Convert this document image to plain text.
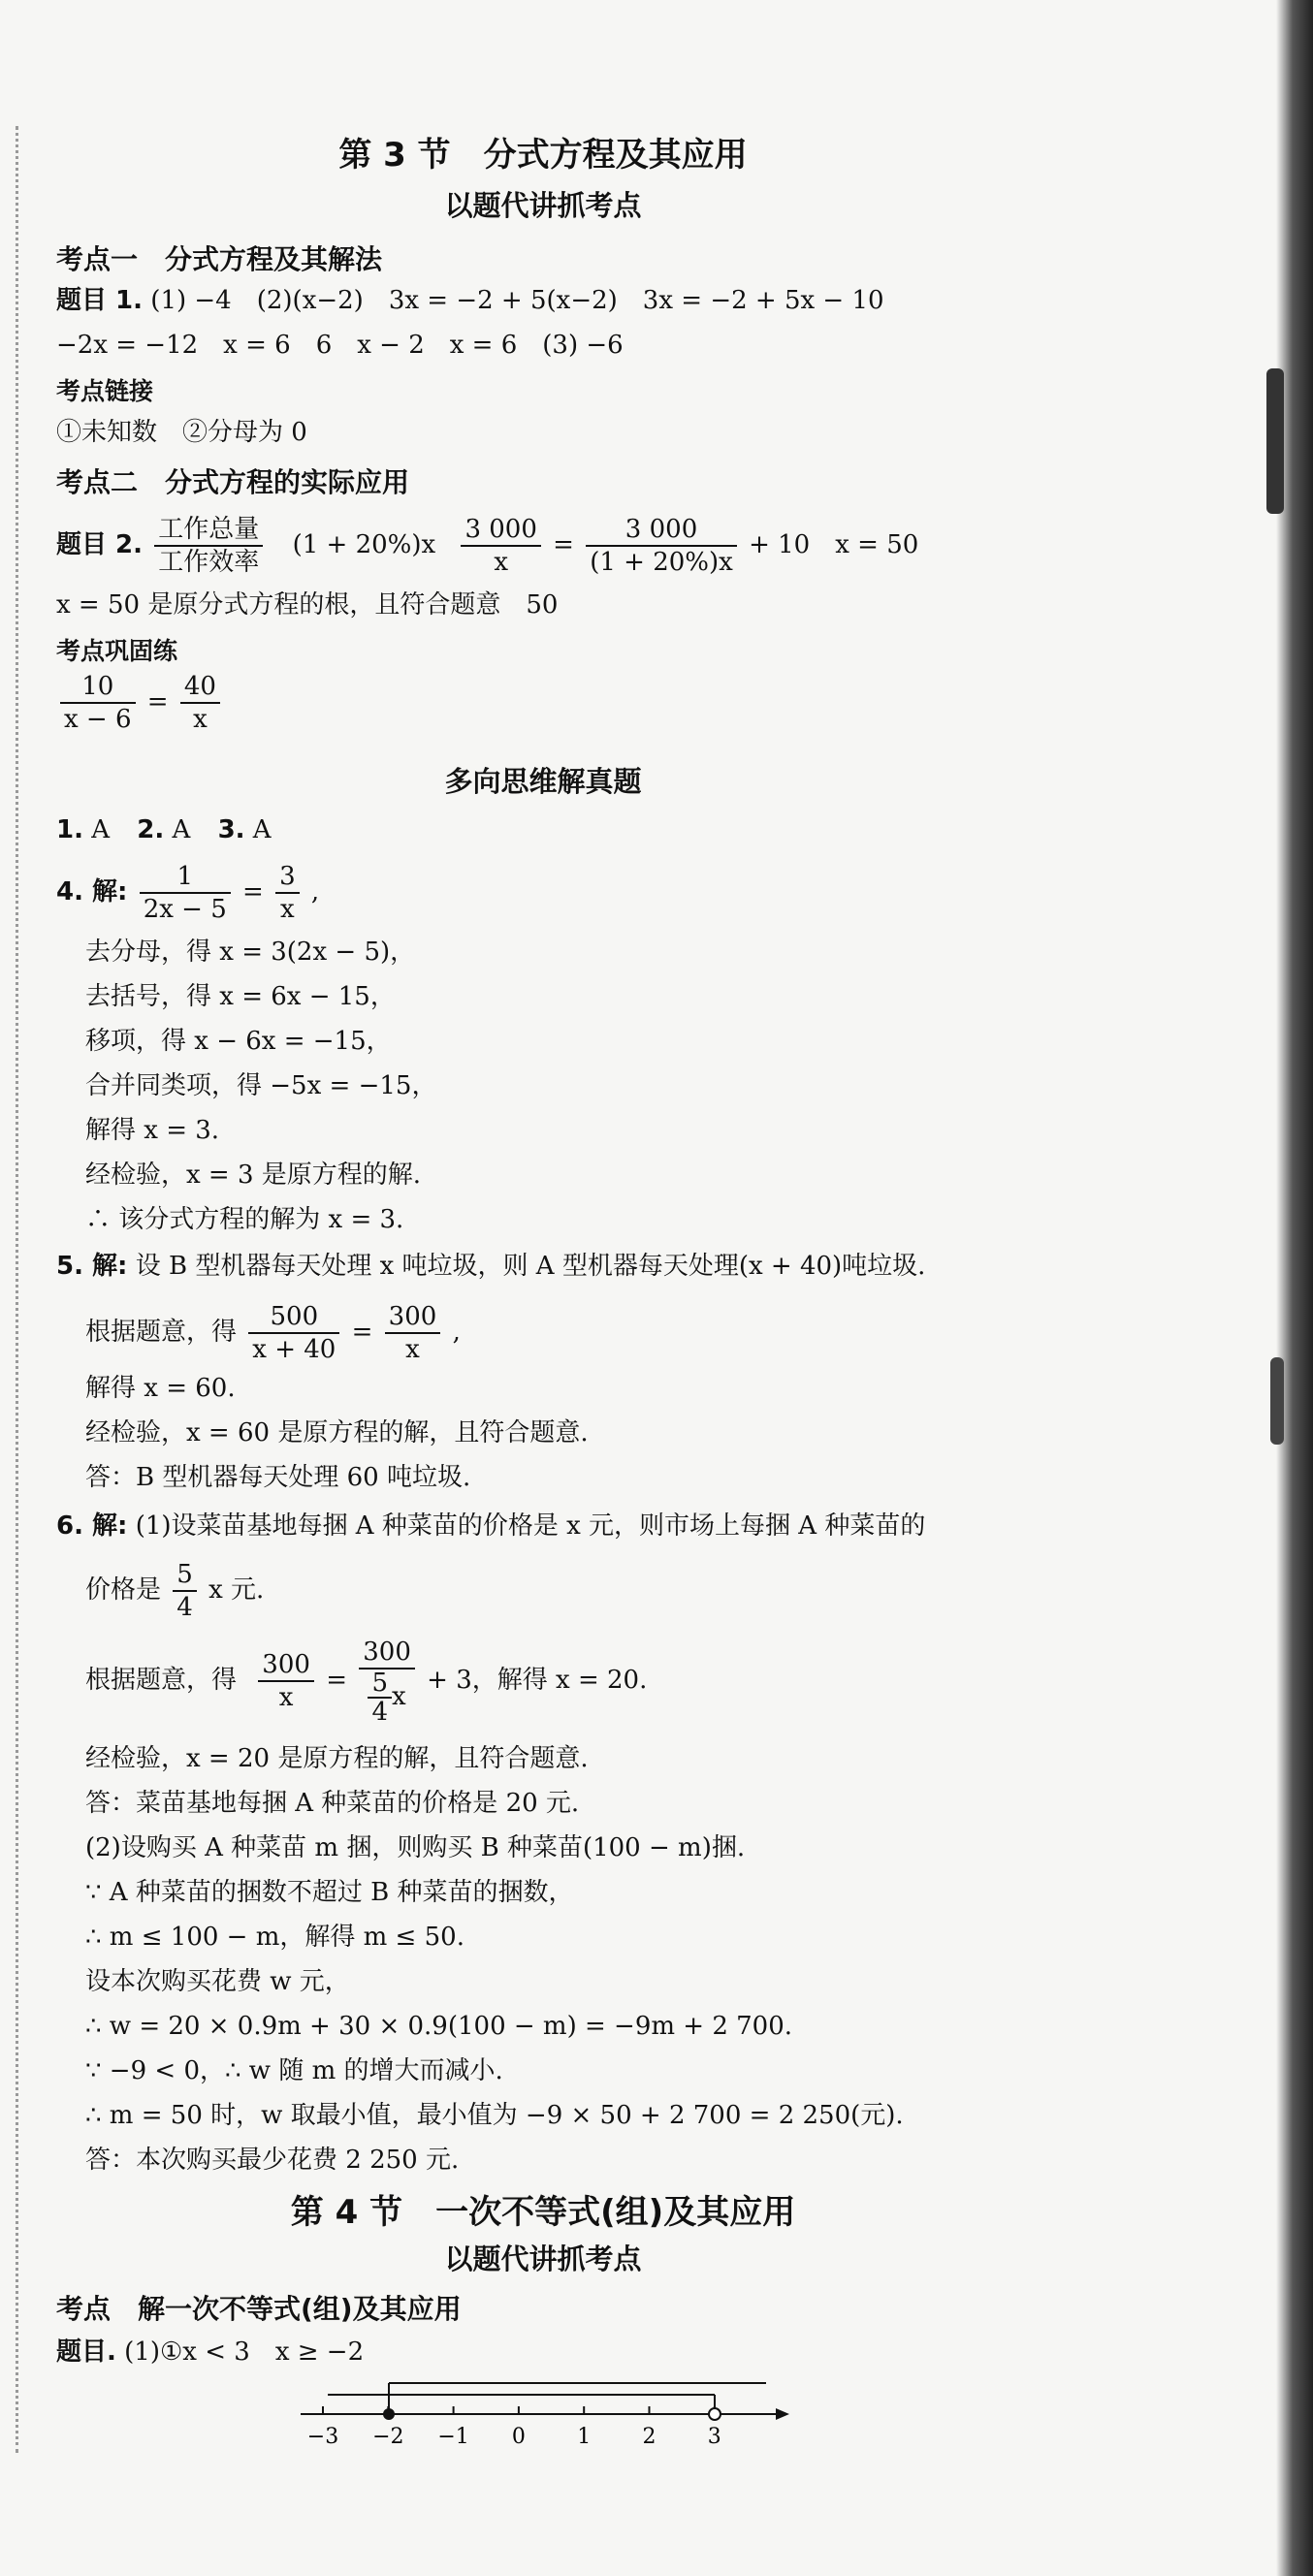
第 3 节　分式方程及其应用
以题代讲抓考点
考点一　分式方程及其解法
题目 1. (1) −4　(2)(x−2)　3x = −2 + 5(x−2)　3x = −2 + 5x − 10
−2x = −12　x = 6　6　x − 2　x = 6　(3) −6
考点链接
①未知数　②分母为 0
考点二　分式方程的实际应用
题目 2. $\frac{\text{工作总量}}{\text{工作效率}} (1 + 20\%)x \frac{3 000}{x} = \frac{3 000}{(1 + 20\%)x} + 10$　x = 50
x = 50 是原分式方程的根，且符合题意　50
考点巩固练
$\frac{10}{x - 6} = \frac{40}{x}$
多向思维解真题
1. A 2. A 3. A
4. 解: $\frac{1}{2x - 5} = \frac{3}{x}$ ,
去分母，得 x = 3(2x − 5)，
去括号，得 x = 6x − 15，
移项，得 x − 6x = −15，
合并同类项，得 −5x = −15，
解得 x = 3.
经检验，x = 3 是原方程的解.
∴ 该分式方程的解为 x = 3.
5. 解: 设 B 型机器每天处理 x 吨垃圾，则 A 型机器每天处理(x + 40)吨垃圾.
根据题意，得 $\frac{500}{x + 40} = \frac{300}{x}$ ,
解得 x = 60.
经检验，x = 60 是原方程的解，且符合题意.
答：B 型机器每天处理 60 吨垃圾.
6. 解: (1)设菜苗基地每捆 A 种菜苗的价格是 x 元，则市场上每捆 A 种菜苗的
价格是 $\frac{5}{4}$ x 元.
根据题意，得 $\frac{300}{x} = \frac{300}{\frac{5}{4} x} + 3$，解得 x = 20.
经检验，x = 20 是原方程的解，且符合题意.
答：菜苗基地每捆 A 种菜苗的价格是 20 元.
(2)设购买 A 种菜苗 m 捆，则购买 B 种菜苗(100 − m)捆.
∵ A 种菜苗的捆数不超过 B 种菜苗的捆数，
∴ m ≤ 100 − m，解得 m ≤ 50.
设本次购买花费 w 元，
∴ w = 20 × 0.9m + 30 × 0.9(100 − m) = −9m + 2 700.
∵ −9 < 0，∴ w 随 m 的增大而减小.
∴ m = 50 时，w 取最小值，最小值为 −9 × 50 + 2 700 = 2 250(元).
答：本次购买最少花费 2 250 元.
第 4 节　一次不等式(组)及其应用
以题代讲抓考点
考点　解一次不等式(组)及其应用
题目. (1)①x < 3　x ≥ −2
−3 −2 −1 0 1 2 3
